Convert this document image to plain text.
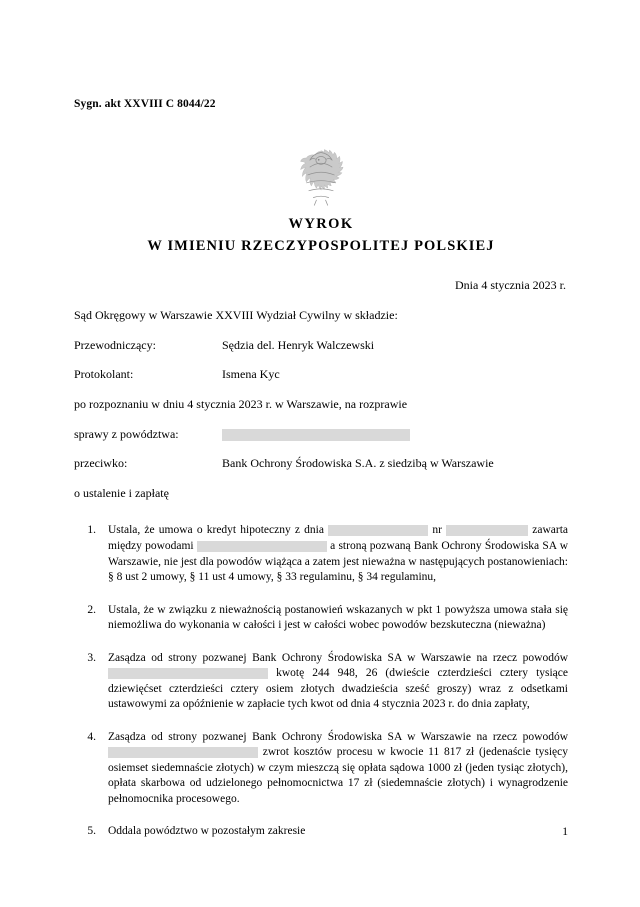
Sygn. akt XXVIII C 8044/22
WYROK
W IMIENIU RZECZYPOSPOLITEJ POLSKIEJ
Dnia 4 stycznia 2023 r.
Sąd Okręgowy w Warszawie XXVIII Wydział Cywilny w składzie:
Przewodniczący:	Sędzia del. Henryk Walczewski
Protokolant:	Ismena Kyc
po rozpoznaniu w dniu 4 stycznia 2023 r. w Warszawie, na rozprawie
sprawy z powództwa:
przeciwko:	Bank Ochrony Środowiska S.A. z siedzibą w Warszawie
o ustalenie i zapłatę
1.	Ustala, że umowa o kredyt hipoteczny z dnia	nr	zawarta między powodami	a stroną pozwaną Bank Ochrony Środowiska SA w Warszawie, nie jest dla powodów wiążąca a zatem jest nieważna w następujących postanowieniach: § 8 ust 2 umowy, § 11 ust 4 umowy, § 33 regulaminu, § 34 regulaminu,
2.	Ustala, że w związku z nieważnością postanowień wskazanych w pkt 1 powyższa umowa stała się niemożliwa do wykonania w całości i jest w całości wobec powodów bezskuteczna (nieważna)
3.	Zasądza od strony pozwanej Bank Ochrony Środowiska SA w Warszawie na rzecz powodów  kwotę 244 948, 26 (dwieście czterdzieści cztery tysiące dziewięćset czterdzieści cztery osiem złotych dwadzieścia sześć groszy) wraz z odsetkami ustawowymi za opóźnienie w zapłacie tych kwot od dnia 4 stycznia 2023 r. do dnia zapłaty,
4.	Zasądza od strony pozwanej Bank Ochrony Środowiska SA w Warszawie na rzecz powodów  zwrot kosztów procesu w kwocie 11 817 zł (jedenaście tysięcy osiemset siedemnaście złotych) w czym mieszczą się opłata sądowa 1000 zł (jeden tysiąc złotych), opłata skarbowa od udzielonego pełnomocnictwa 17 zł (siedemnaście złotych) i wynagrodzenie pełnomocnika procesowego.
5.	Oddala powództwo w pozostałym zakresie	1
